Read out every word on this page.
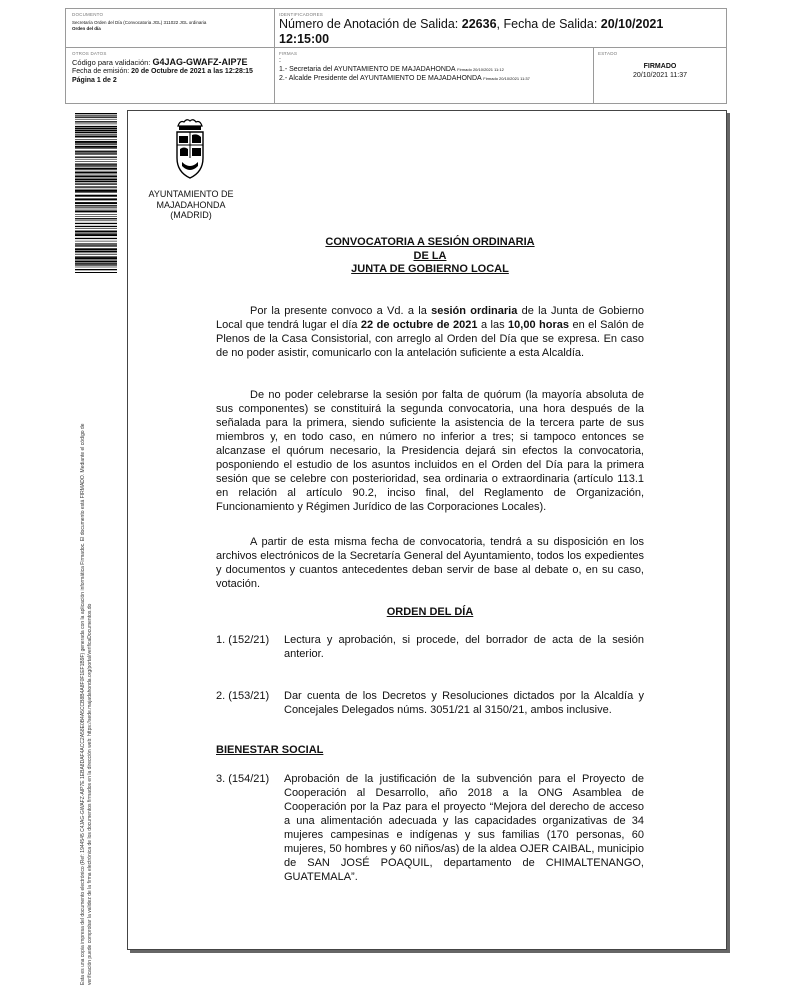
DOCUMENTO
Secretaría Orden del Día (Convocatoria JGL) 311022 JGL ordinaria
Orden del día
IDENTIFICADORES
Número de Anotación de Salida: 22636, Fecha de Salida: 20/10/2021
12:15:00
OTROS DATOS
Código para validación: G4JAG-GWAFZ-AIP7E
Fecha de emisión: 20 de Octubre de 2021 a las 12:28:15
Página 1 de 2
FIRMAS
:
1.- Secretaria del AYUNTAMIENTO DE MAJADAHONDA Firmado 20/10/2021 11:12
2.- Alcalde Presidente del AYUNTAMIENTO DE MAJADAHONDA Firmado 20/10/2021 11:37
ESTADO
FIRMADO
20/10/2021 11:37
Esta es una copia impresa del documento electrónico (Ref: 1944545 C4JAG-GWAFZ-AIP7E 1EBA8DAF4ACC2A58E0B4A5CCB8B4A8F0F1EF1B9F) generada con la aplicación informática Firmadoc. El documento está FIRMADO. Mediante el código de verificación puede comprobar la validez de la firma electrónica de los documentos firmados en la dirección web: https://sede.majadahonda.org/portal/verificaDocumentos.do
AYUNTAMIENTO DE
MAJADAHONDA
(MADRID)
CONVOCATORIA A SESIÓN ORDINARIA
DE LA
JUNTA DE GOBIERNO LOCAL
Por la presente convoco a Vd. a la sesión ordinaria de la Junta de Gobierno Local que tendrá lugar el día 22 de octubre de 2021 a las 10,00 horas en el Salón de Plenos de la Casa Consistorial, con arreglo al Orden del Día que se expresa. En caso de no poder asistir, comunicarlo con la antelación suficiente a esta Alcaldía.
De no poder celebrarse la sesión por falta de quórum (la mayoría absoluta de sus componentes) se constituirá la segunda convocatoria, una hora después de la señalada para la primera, siendo suficiente la asistencia de la tercera parte de sus miembros y, en todo caso, en número no inferior a tres; si tampoco entonces se alcanzase el quórum necesario, la Presidencia dejará sin efectos la convocatoria, posponiendo el estudio de los asuntos incluidos en el Orden del Día para la primera sesión que se celebre con posterioridad, sea ordinaria o extraordinaria (artículo 113.1 en relación al artículo 90.2, inciso final, del Reglamento de Organización, Funcionamiento y Régimen Jurídico de las Corporaciones Locales).
A partir de esta misma fecha de convocatoria, tendrá a su disposición en los archivos electrónicos de la Secretaría General del Ayuntamiento, todos los expedientes y documentos y cuantos antecedentes deban servir de base al debate o, en su caso, votación.
ORDEN DEL DÍA
1. (152/21)	Lectura y aprobación, si procede, del borrador de acta de la sesión anterior.
2. (153/21)	Dar cuenta de los Decretos y Resoluciones dictados por la Alcaldía y Concejales Delegados núms. 3051/21 al 3150/21, ambos inclusive.
BIENESTAR SOCIAL
3. (154/21)	Aprobación de la justificación de la subvención para el Proyecto de Cooperación al Desarrollo, año 2018 a la ONG Asamblea de Cooperación por la Paz para el proyecto “Mejora del derecho de acceso a una alimentación adecuada y las capacidades organizativas de 34 mujeres campesinas e indígenas y sus familias (170 personas, 60 mujeres, 50 hombres y 60 niños/as) de la aldea OJER CAIBAL, municipio de SAN JOSÉ POAQUIL, departamento de CHIMALTENANGO, GUATEMALA”.
